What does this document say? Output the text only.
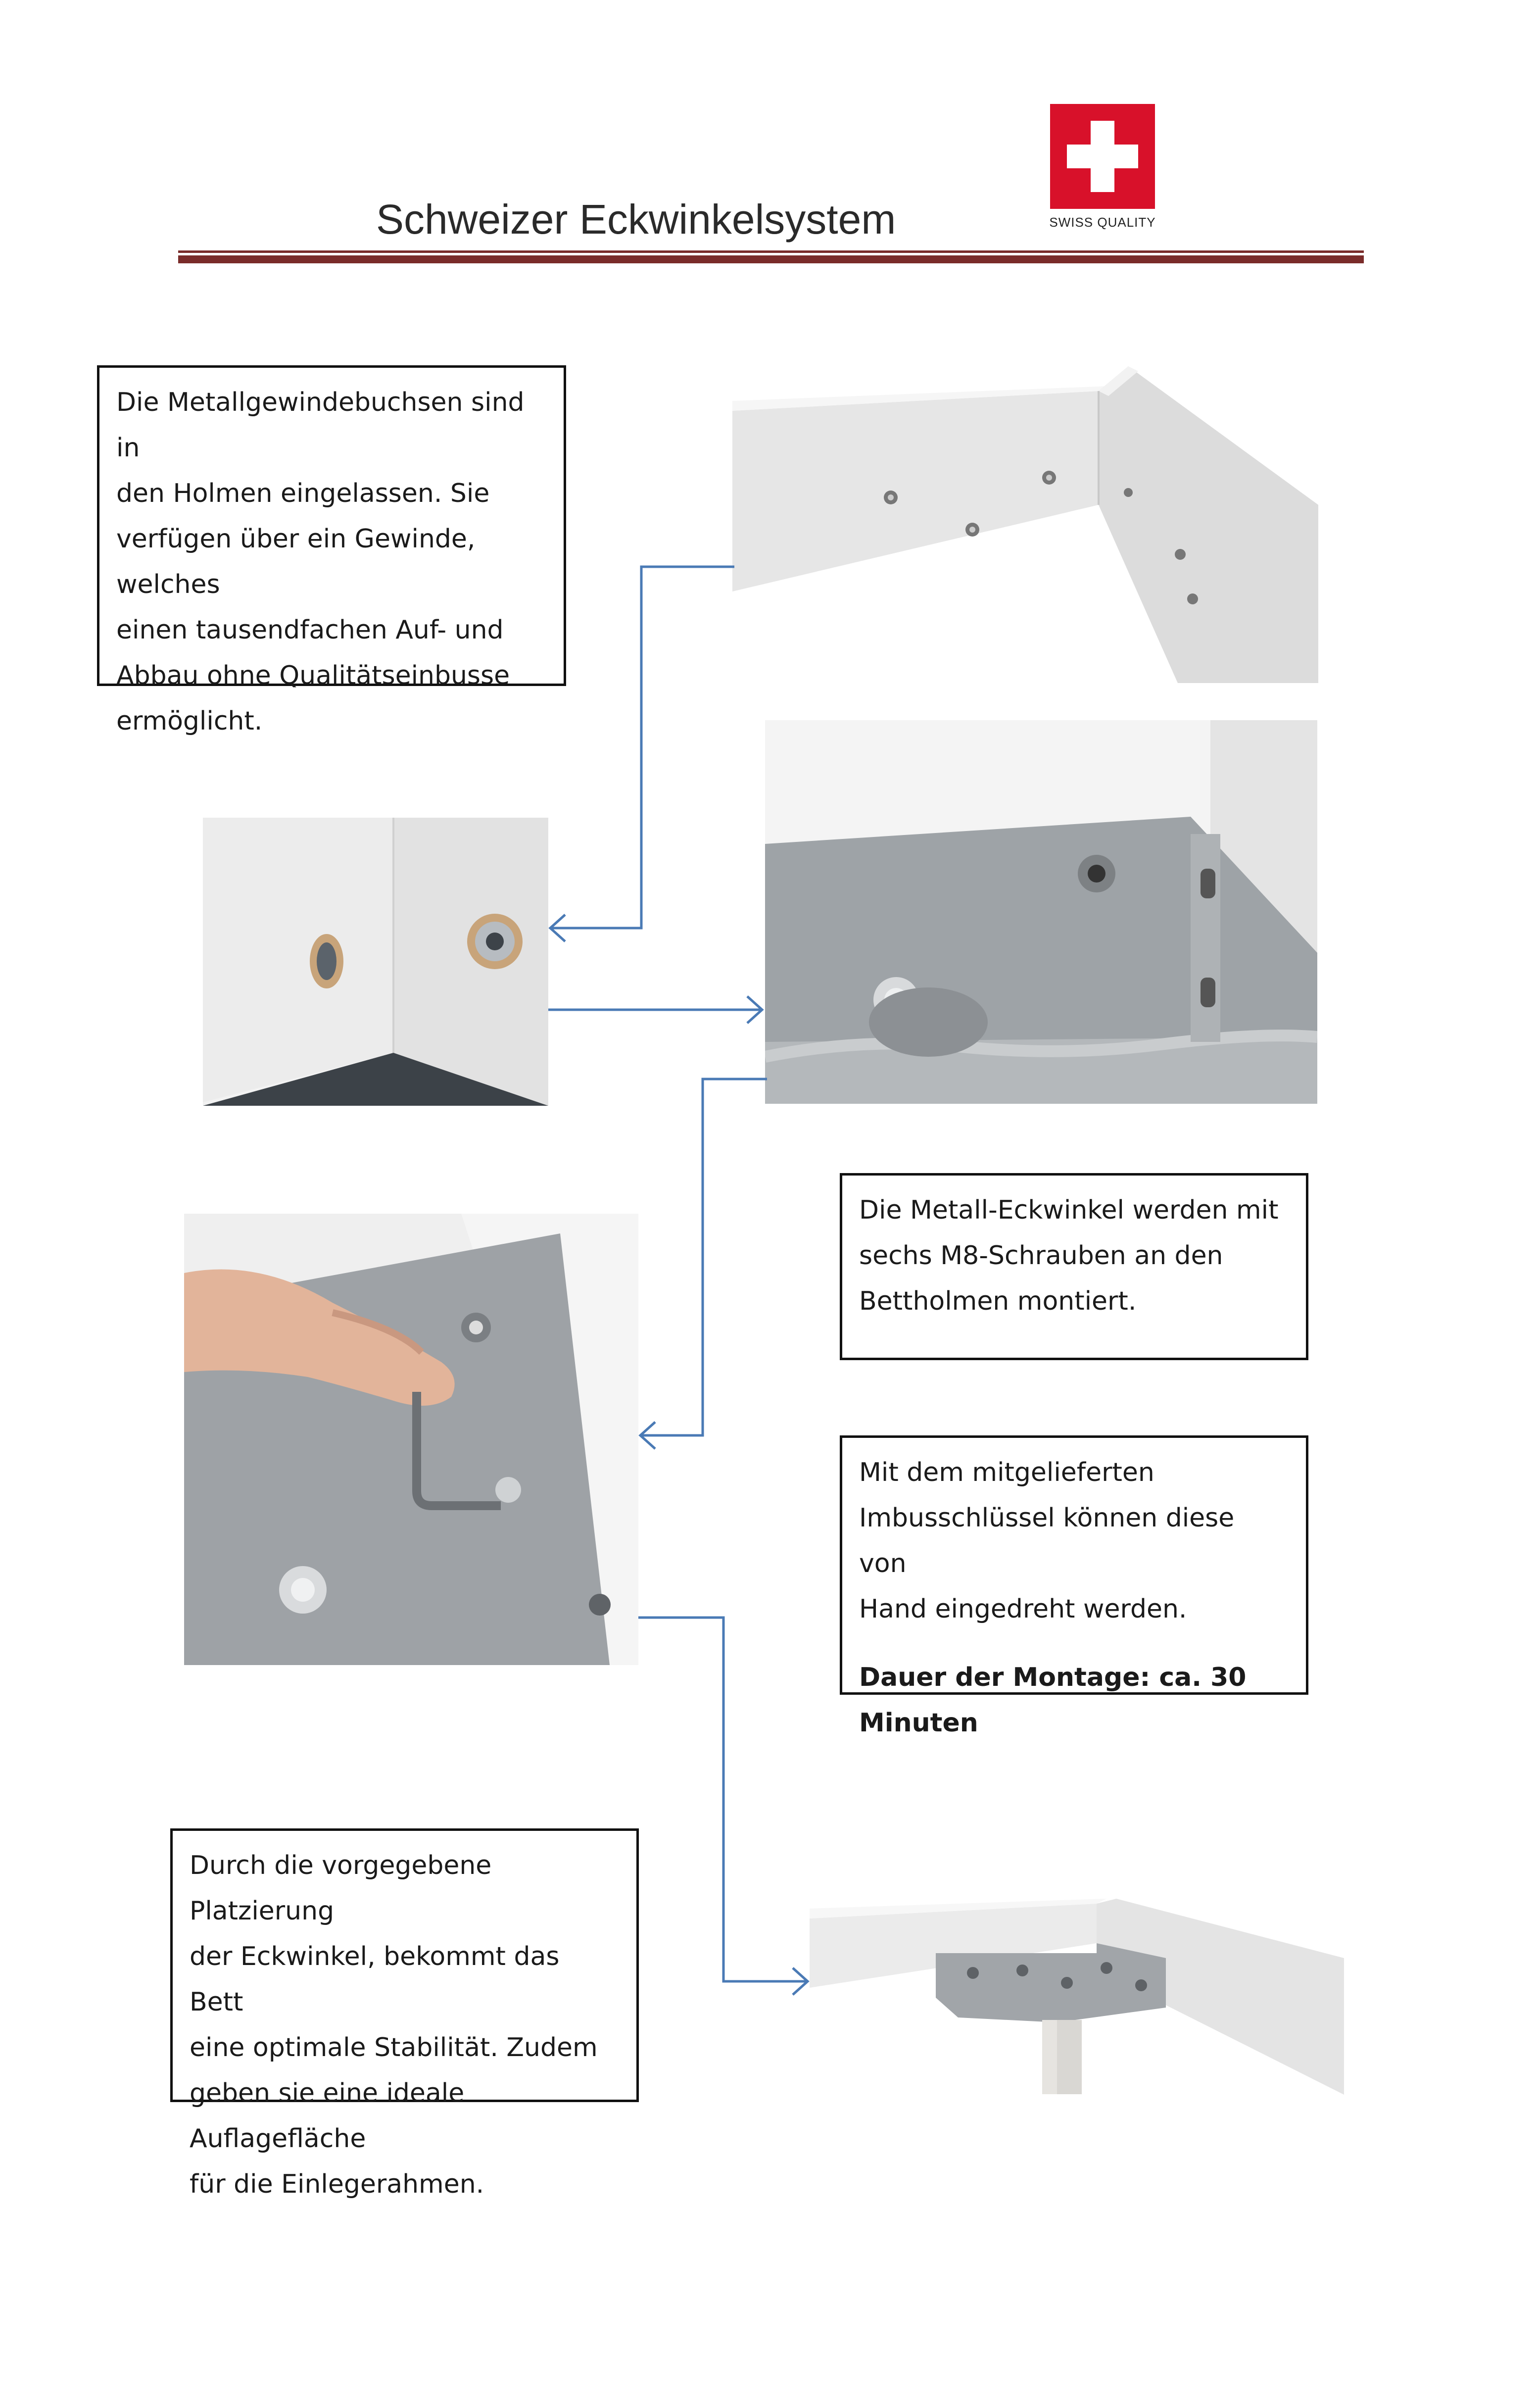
Schweizer Eckwinkelsystem	SWISS QUALITY

Die Metallgewindebuchsen sind in

den Holmen eingelassen. Sie

verfügen über ein Gewinde, welches

einen tausendfachen Auf- und

Abbau ohne Qualitätseinbusse

ermöglicht.

Die Metall-Eckwinkel werden mit

sechs M8-Schrauben an den

Bettholmen montiert.

Mit dem mitgelieferten

Imbusschlüssel können diese von

Hand eingedreht werden.

Dauer der Montage: ca. 30 Minuten

Durch die vorgegebene Platzierung

der Eckwinkel, bekommt das Bett

eine optimale Stabilität. Zudem

geben sie eine ideale Auflagefläche

für die Einlegerahmen.
